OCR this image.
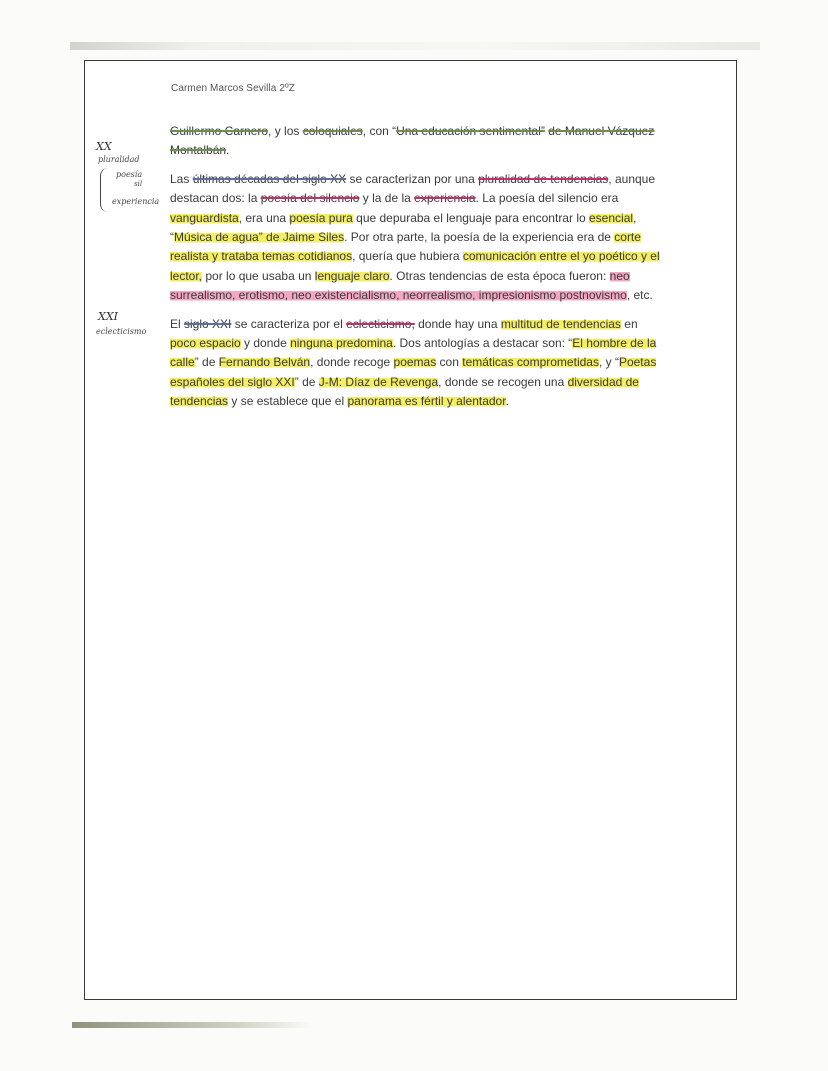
Carmen Marcos Sevilla 2ºZ
XX
pluralidad
poesía
sil
experiencia
XXI
eclecticismo

Guillermo Carnero, y los coloquiales, con “Una educación sentimental” de Manuel Vázquez Montalbán.

Las últimas décadas del siglo XX se caracterizan por una pluralidad de tendencias, aunque destacan dos: la poesía del silencio y la de la experiencia. La poesía del silencio era vanguardista, era una poesía pura que depuraba el lenguaje para encontrar lo esencial, “Música de agua” de Jaime Siles. Por otra parte, la poesía de la experiencia era de corte realista y trataba temas cotidianos, quería que hubiera comunicación entre el yo poético y el lector, por lo que usaba un lenguaje claro. Otras tendencias de esta época fueron: neo surrealismo, erotismo, neo existencialismo, neorrealismo, impresionismo postnovismo, etc.

El siglo XXI se caracteriza por el eclecticismo, donde hay una multitud de tendencias en poco espacio y donde ninguna predomina. Dos antologías a destacar son: “El hombre de la calle” de Fernando Belván, donde recoge poemas con temáticas comprometidas, y “Poetas españoles del siglo XXI” de J-M: Díaz de Revenga, donde se recogen una diversidad de tendencias y se establece que el panorama es fértil y alentador.
